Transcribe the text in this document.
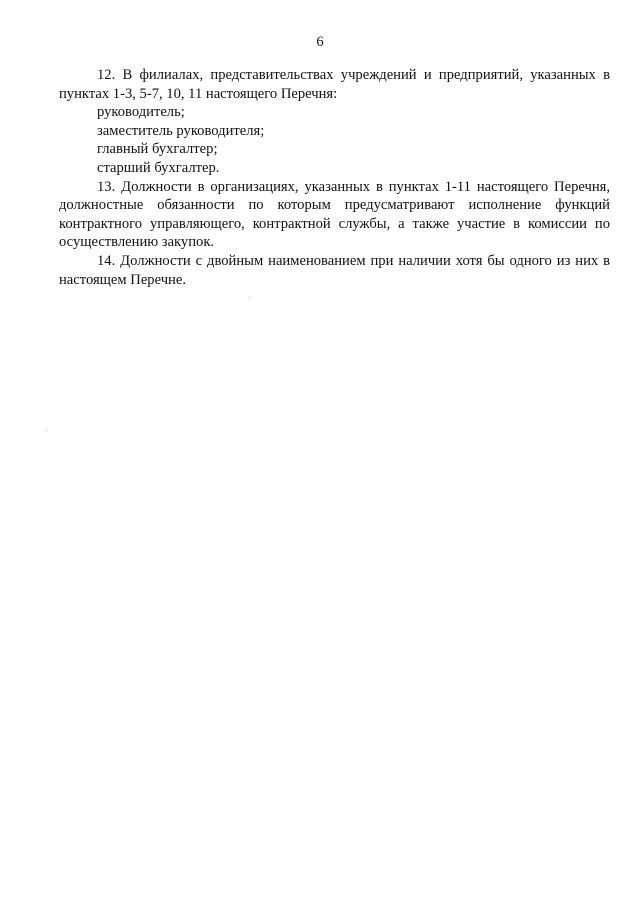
6

12. В филиалах, представительствах учреждений и предприятий, указанных в пунктах 1-3, 5-7, 10, 11 настоящего Перечня:

руководитель;

заместитель руководителя;

главный бухгалтер;

старший бухгалтер.

13. Должности в организациях, указанных в пунктах 1-11 настоящего Перечня, должностные обязанности по которым предусматривают исполнение функций контрактного управляющего, контрактной службы, а также участие в комиссии по осуществлению закупок.

14. Должности с двойным наименованием при наличии хотя бы одного из них в настоящем Перечне.
